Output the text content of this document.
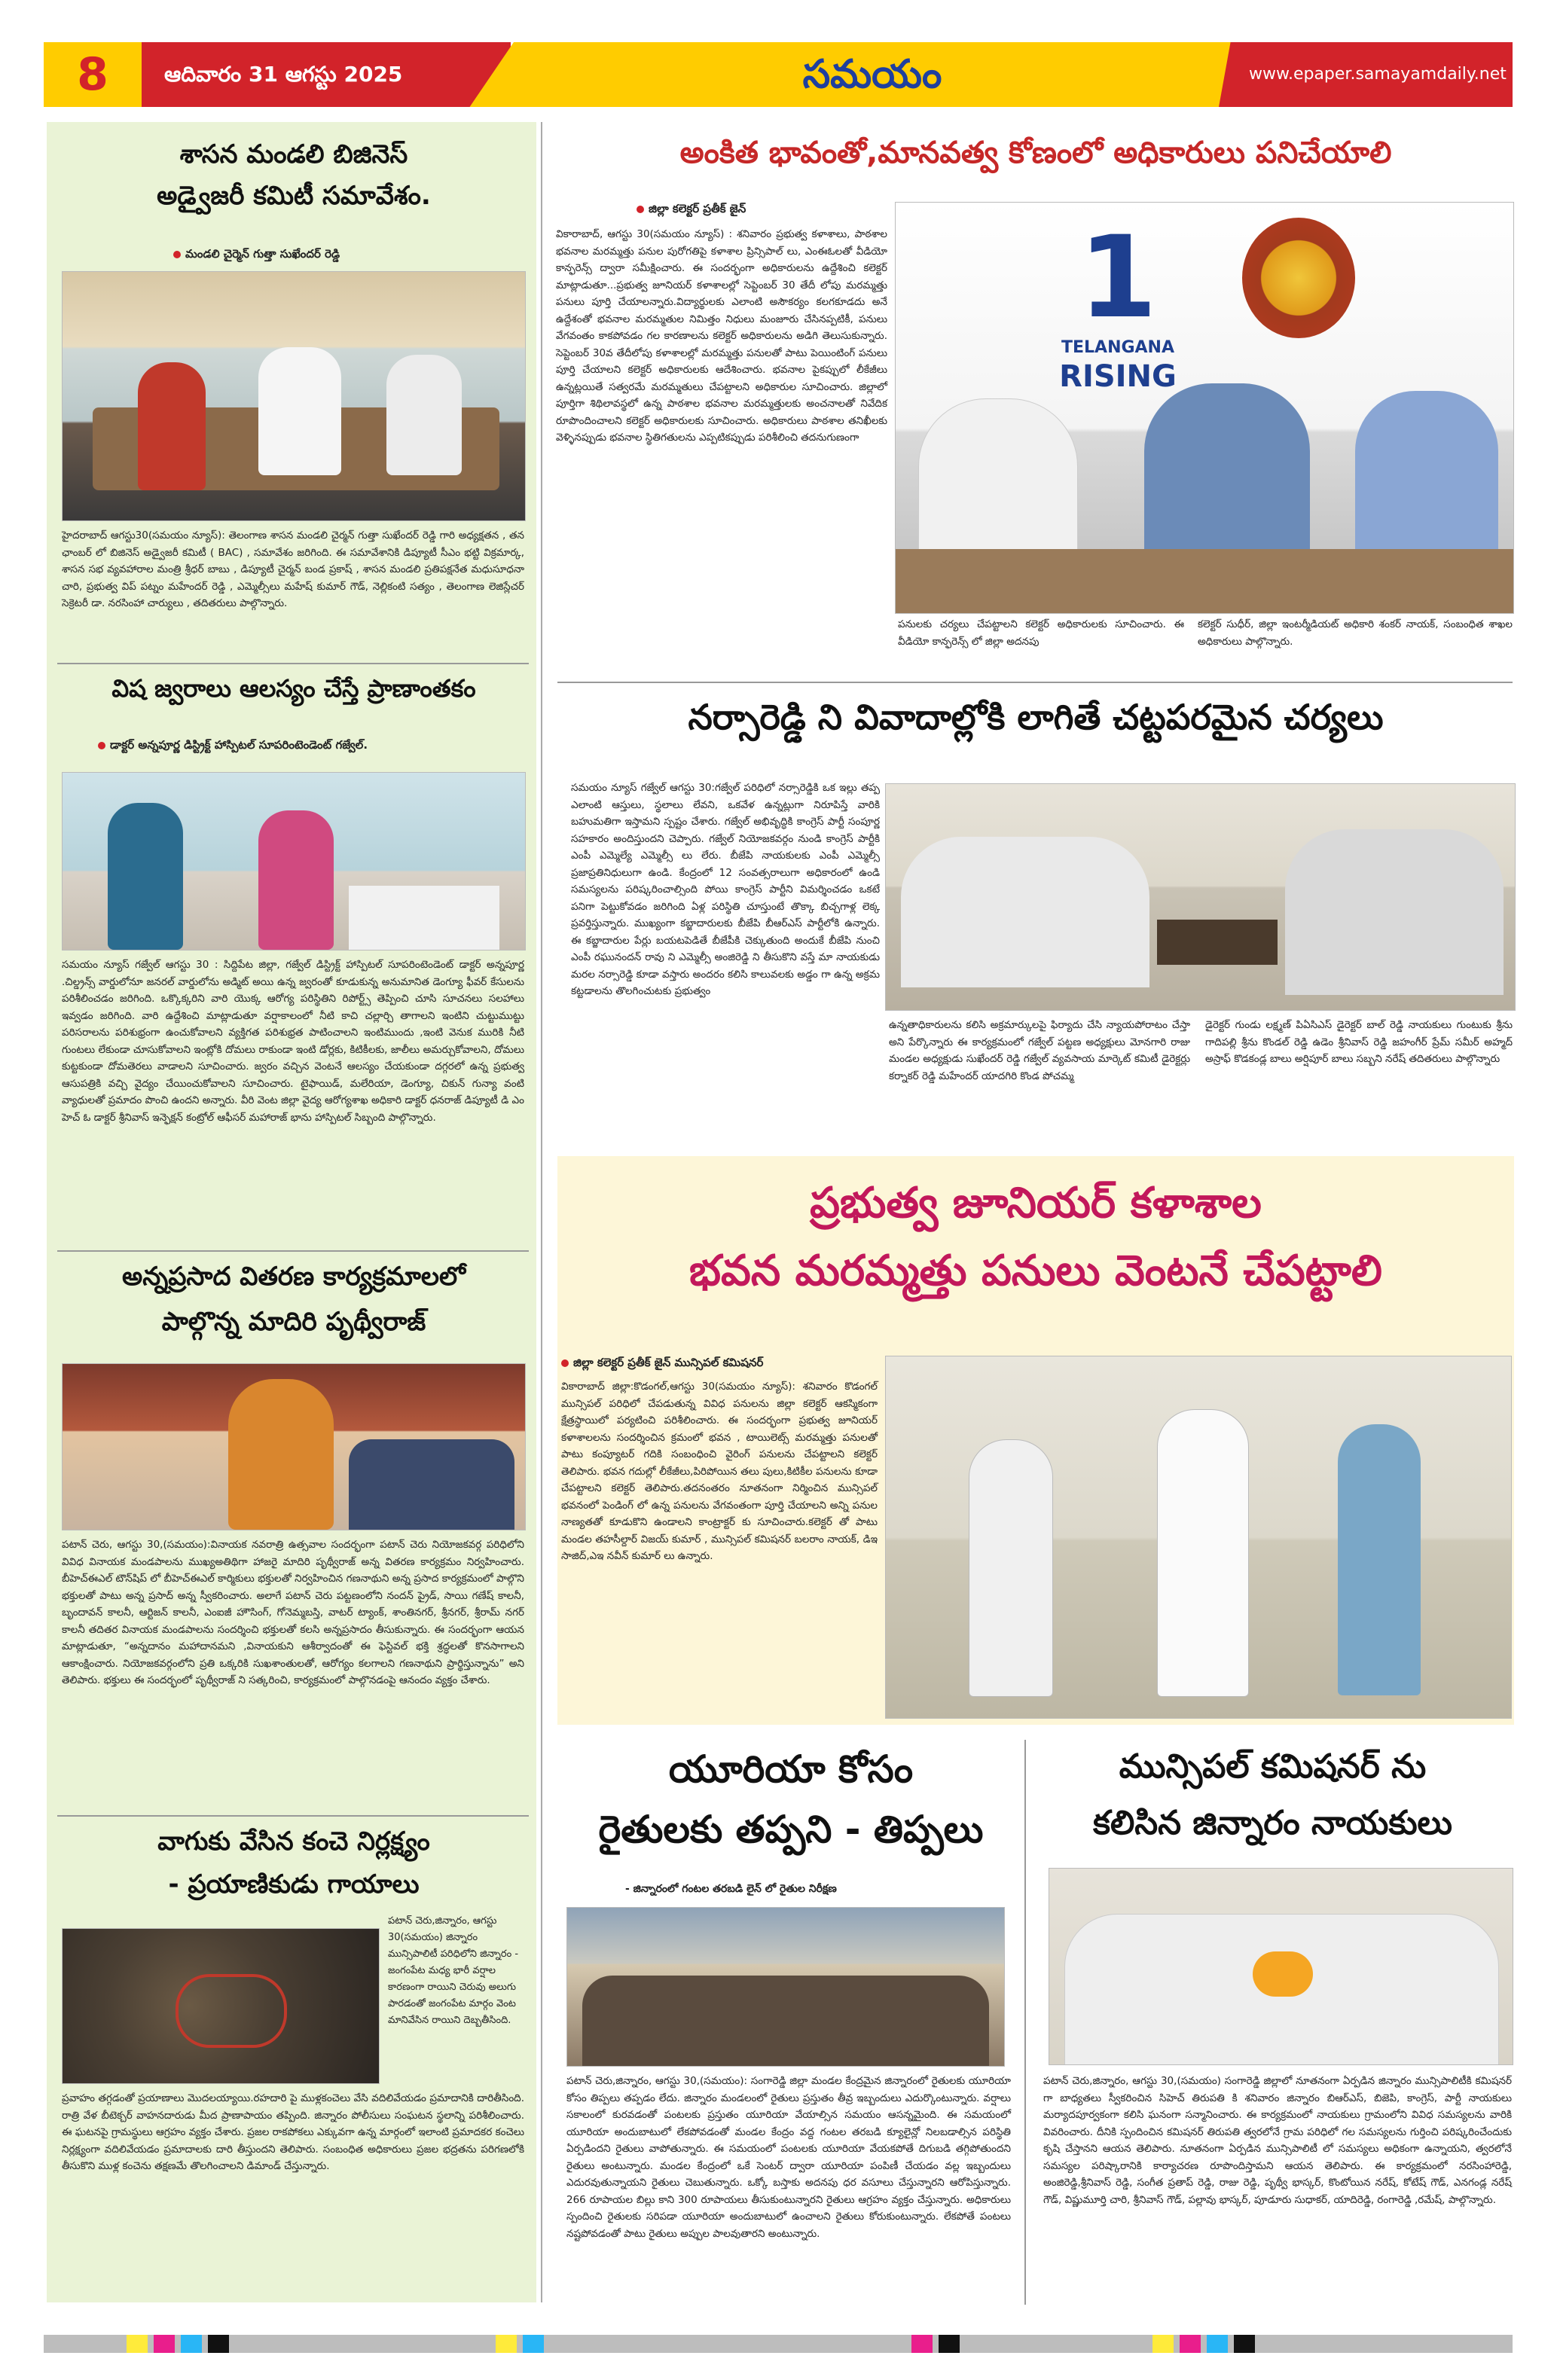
8	ఆదివారం 31 ఆగస్టు 2025	సమయం	www.epaper.samayamdaily.net
శాసన మండలి బిజినెస్
అడ్వైజరీ కమిటీ సమావేశం.
మండలి చైర్మెన్ గుత్తా సుఖేందర్ రెడ్డి
హైదరాబాద్ ఆగస్టు30(సమయం న్యూస్): తెలంగాణ శాసన మండలి చైర్మన్ గుత్తా సుఖేందర్ రెడ్డి గారి అధ్యక్షతన , తన ఛాంబర్ లో బిజినెస్ అడ్వైజరీ కమిటీ ( BAC) , సమావేశం జరిగింది. ఈ సమావేశానికి డిప్యూటీ సీఎం భట్టి విక్రమార్క, శాసన సభ వ్యవహారాల మంత్రి శ్రీధర్ బాబు , డిప్యూటీ చైర్మన్ బండ ప్రకాష్ , శాసన మండలి ప్రతిపక్షనేత మధుసూధనా చారి, ప్రభుత్వ విప్ పట్నం మహేందర్ రెడ్డి , ఎమ్మెల్సీలు మహేష్ కుమార్ గౌడ్, నెల్లికంటి సత్యం , తెలంగాణ లెజిస్లేచర్ సెక్రెటరీ డా. నరసింహా చార్యులు , తదితరులు పాల్గొన్నారు.
విష జ్వరాలు ఆలస్యం చేస్తే ప్రాణాంతకం
డాక్టర్ అన్నపూర్ణ డిస్ట్రిక్ట్ హాస్పిటల్ సూపరింటెండెంట్ గజ్వేల్.
సమయం న్యూస్ గజ్వేల్ ఆగస్టు 30 : సిద్దిపేట జిల్లా, గజ్వేల్ డిస్ట్రిక్ట్ హాస్పిటల్ సూపరింటెండెంట్ డాక్టర్ అన్నపూర్ణ .చిల్డ్రన్స్ వార్డులోనూ జనరల్ వార్డులోను అడ్మిట్ అయి ఉన్న జ్వరంతో కూడుకున్న అనుమానిత డెంగ్యూ ఫీవర్ కేసులను పరిశీలించడం జరిగింది. ఒక్కొక్కరిని వారి యొక్క ఆరోగ్య పరిస్థితిని రిపోర్ట్స్ తెప్పించి చూసి సూచనలు సలహాలు ఇవ్వడం జరిగింది. వారి ఉద్దేశించి మాట్లాడుతూ వర్షాకాలంలో నీటి కాచి చల్లార్చి తాగాలని ఇంటిని చుట్టుముట్టు పరిసరాలను పరిశుభ్రంగా ఉంచుకోవాలని వ్యక్తిగత పరిశుభ్రత పాటించాలని ఇంటిముందు ,ఇంటి వెనుక మురికి నీటి గుంటలు లేకుండా చూసుకోవాలని ఇంట్లోకి దోమలు రాకుండా ఇంటి డోర్లకు, కిటికీలకు, జాలీలు అమర్చుకోవాలని, దోమలు కుట్టకుండా దోమతెరలు వాడాలని సూచించారు. జ్వరం వచ్చిన వెంటనే ఆలస్యం చేయకుండా దగ్గరలో ఉన్న ప్రభుత్వ ఆసుపత్రికి వచ్చి వైద్యం చేయించుకోవాలని సూచించారు. టైఫాయిడ్, మలేరియా, డెంగ్యూ, చికున్ గున్యా వంటి వ్యాధులతో ప్రమాదం పొంచి ఉందని అన్నారు. వీరి వెంట జిల్లా వైద్య ఆరోగ్యశాఖ అధికారి డాక్టర్ ధనరాజ్ డిప్యూటీ డి ఎం హెచ్ ఓ డాక్టర్ శ్రీనివాస్ ఇన్ఫెక్షన్ కంట్రోల్ ఆఫీసర్ మహారాజ్ భాను హాస్పిటల్ సిబ్బంది పాల్గొన్నారు.
అన్నప్రసాద వితరణ కార్యక్రమాలలో
పాల్గొన్న మాదిరి పృథ్వీరాజ్
పటాన్ చెరు, ఆగస్టు 30,(సమయం):వినాయక నవరాత్రి ఉత్సవాల సందర్భంగా పటాన్ చెరు నియోజకవర్గ పరిధిలోని వివిధ వినాయక మండపాలను ముఖ్యఅతిథిగా హాజరై మాదిరి పృథ్వీరాజ్ అన్న వితరణ కార్యక్రమం నిర్వహించారు. బీహెచ్ఈఎల్ టౌన్‌షిప్ లో బీహెచ్ఈఎల్ కార్మికులు భక్తులతో నిర్వహించిన గణనాథుని అన్న ప్రసాద కార్యక్రమంలో పాల్గొని భక్తులతో పాటు అన్న ప్రసాద్ అన్న స్వీకరించారు. అలాగే పటాన్ చెరు పట్టణంలోని నందన్ ప్రైడ్, సాయి గణేష్ కాలనీ, బృందావన్ కాలనీ, ఆర్టిజన్ కాలనీ, ఎంఐజీ హౌసింగ్, గోనెమ్మబస్తి, వాటర్ ట్యాంక్, శాంతినగర్, శ్రీనగర్, శ్రీరామ్ నగర్ కాలనీ తదితర వినాయక మండపాలను సందర్శించి భక్తులతో కలసి అన్నప్రసాదం తీసుకున్నారు. ఈ సందర్భంగా ఆయన మాట్లాడుతూ, “అన్నదానం మహాదానమని ,వినాయకుని ఆశీర్వాదంతో ఈ ఫెస్టివల్ భక్తి శ్రద్ధలతో కొనసాగాలని ఆకాంక్షించారు. నియోజకవర్గంలోని ప్రతి ఒక్కరికి సుఖశాంతులతో, ఆరోగ్యం కలగాలని గణనాథుని ప్రార్థిస్తున్నాను” అని తెలిపారు. భక్తులు ఈ సందర్భంలో పృథ్వీరాజ్ ని సత్కరించి, కార్యక్రమంలో పాల్గొనడంపై ఆనందం వ్యక్తం చేశారు.
వాగుకు వేసిన కంచె నిర్లక్ష్యం
- ప్రయాణికుడు గాయాలు
పటాన్ చెరు,జిన్నారం, ఆగస్టు 30(సమయం) జిన్నారం మున్సిపాలిటీ పరిధిలోని జిన్నారం - జంగంపేట మధ్య భారీ వర్షాల కారణంగా రాయిని చెరువు అలుగు పారడంతో జంగంపేట మార్గం వెంట మానివేసిన రాయిని దెబ్బతీసింది.
ప్రవాహం తగ్గడంతో ప్రయాణాలు మొదలయ్యాయి.రహదారి పై ముళ్లకంచెలు వేసి వదిలివేయడం ప్రమాదానికి దారితీసింది. రాత్రి వేళ బీటెక్చర్ వాహనదారుడు మీద ప్రాణాపాయం తప్పింది. జిన్నారం పోలీసులు సంఘటన స్థలాన్ని పరిశీలించారు. ఈ ఘటనపై గ్రామస్థులు ఆగ్రహం వ్యక్తం చేశారు. ప్రజల రాకపోకలు ఎక్కువగా ఉన్న మార్గంలో ఇలాంటి ప్రమాదకర కంచెలు నిర్లక్ష్యంగా వదిలివేయడం ప్రమాదాలకు దారి తీస్తుందని తెలిపారు. సంబంధిత అధికారులు ప్రజల భద్రతను పరిగణలోకి తీసుకొని ముళ్ల కంచెను తక్షణమే తొలగించాలని డిమాండ్ చేస్తున్నారు.
అంకిత భావంతో,మానవత్వ కోణంలో అధికారులు పనిచేయాలి
జిల్లా కలెక్టర్ ప్రతీక్ జైన్
వికారాబాద్, ఆగస్టు 30(సమయం న్యూస్) : శనివారం ప్రభుత్వ కళాశాలు, పాఠశాల భవనాల మరమ్మత్తు పనుల పురోగతిపై కళాశాల ప్రిన్సిపాల్ లు, ఎంఈఓలతో వీడియో కాన్ఫరెన్స్ ద్వారా సమీక్షించారు. ఈ సందర్భంగా అధికారులను ఉద్దేశించి కలెక్టర్ మాట్లాడుతూ...ప్రభుత్వ జూనియర్ కళాశాలల్లో సెప్టెంబర్ 30 తేదీ లోపు మరమ్మత్తు పనులు పూర్తి చేయాలన్నారు.విద్యార్థులకు ఎలాంటి అసౌకర్యం కలగకూడదు అనే ఉద్దేశంతో భవనాల మరమ్మతుల నిమిత్తం నిధులు మంజూరు చేసినప్పటికీ, పనులు వేగవంతం కాకపోవడం గల కారణాలను కలెక్టర్ అధికారులను అడిగి తెలుసుకున్నారు. సెప్టెంబర్ 30వ తేదీలోపు కళాశాలల్లో మరమ్మత్తు పనులతో పాటు పెయింటింగ్ పనులు పూర్తి చేయాలని కలెక్టర్ అధికారులకు ఆదేశించారు. భవనాల పైకప్పులో లీకేజీలు ఉన్నట్లయితే సత్వరమే మరమ్మతులు చేపట్టాలని అధికారుల సూచించారు. జిల్లాలో పూర్తిగా శిథిలావస్థలో ఉన్న పాఠశాల భవనాల మరమ్మత్తులకు అంచనాలతో నివేదిక రూపొందించాలని కలెక్టర్ అధికారులకు సూచించారు. అధికారులు పాఠశాల తనిఖీలకు వెళ్ళినప్పుడు భవనాల స్థితిగతులను ఎప్పటికప్పుడు పరిశీలించి తదనుగుణంగా
1
TELANGANA
RISING
పనులకు చర్యలు చేపట్టాలని కలెక్టర్ అధికారులకు సూచించారు. ఈ వీడియో కాన్ఫరెన్స్ లో జిల్లా అదనపు
కలెక్టర్ సుధీర్, జిల్లా ఇంటర్మీడియట్ అధికారి శంకర్ నాయక్, సంబంధిత శాఖల అధికారులు పాల్గొన్నారు.
నర్సారెడ్డి ని వివాదాల్లోకి లాగితే చట్టపరమైన చర్యలు
సమయం న్యూస్ గజ్వేల్ ఆగస్టు 30:గజ్వేల్ పరిధిలో నర్సారెడ్డికి ఒక ఇల్లు తప్ప ఎలాంటి ఆస్తులు, స్థలాలు లేవని, ఒకవేళ ఉన్నట్లుగా నిరూపిస్తే వారికి బహుమతిగా ఇస్తామని స్పష్టం చేశారు. గజ్వేల్ అభివృద్ధికి కాంగ్రెస్ పార్టీ సంపూర్ణ సహకారం అందిస్తుందని చెప్పారు. గజ్వేల్ నియోజకవర్గం నుండి కాంగ్రెస్ పార్టీకి ఎంపీ ఎమ్మెల్యే ఎమ్మెల్సీ లు లేరు. బీజేపి నాయకులకు ఎంపీ ఎమ్మెల్సీ ప్రజాప్రతినిధులుగా ఉండి. కేంద్రంలో 12 సంవత్సరాలుగా అధికారంలో ఉండి సమస్యలను పరిష్కరించాల్సింది పోయి కాంగ్రెస్ పార్టీని విమర్శించడం ఒకటే పనిగా పెట్టుకోవడం జరిగింది ఏళ్ల పరిస్థితి చూస్తుంటే తొక్కా బిచ్చగాళ్ల లెక్క ప్రవర్తిస్తున్నారు. ముఖ్యంగా కబ్జాదారులకు బీజేపి బీఆర్ఎస్ పార్టీలోకి ఉన్నారు. ఈ కబ్జాదారుల పేర్లు బయటపెడితే బీజేపీకి చెక్కుతుంది అందుకే బీజేపి నుంచి ఎంపీ రఘునందన్ రావు ని ఎమ్మెల్సీ అంజిరెడ్డి ని తీసుకొని వస్తే మా నాయకుడు మరల నర్సారెడ్డి కూడా వస్తారు అందరం కలిసి కాలువలకు అడ్డం గా ఉన్న అక్రమ కట్టడాలను తొలగించుటకు ప్రభుత్వం
ఉన్నతాధికారులను కలిసి అక్రమార్కులపై ఫిర్యాదు చేసి న్యాయపోరాటం చేస్తా అని పేర్కొన్నారు ఈ కార్యక్రమంలో గజ్వేల్ పట్టణ అధ్యక్షులు మోనగారి రాజు మండల అధ్యక్షుడు సుఖేందర్ రెడ్డి గజ్వేల్ వ్యవసాయ మార్కెట్ కమిటీ డైరెక్టర్లు కర్నాకర్ రెడ్డి మహేందర్ యాదగిరి కొండ పోచమ్మ
డైరెక్టర్ గుండు లక్ష్మణ్ పిఏసిఎస్ డైరెక్టర్ బాల్ రెడ్డి నాయకులు గుంటుకు శ్రీను గాదిపల్లి శ్రీను కొండల్ రెడ్డి ఉడెం శ్రీనివాస్ రెడ్డి జహంగీర్ ప్రేమ్ సమీర్ అహ్మద్ అస్రాఫ్ కొడకండ్ల బాలు అర్షిపూర్ బాలు సబ్బని నరేష్ తదితరులు పాల్గొన్నారు
ప్రభుత్వ జూనియర్ కళాశాల
భవన మరమ్మత్తు పనులు వెంటనే చేపట్టాలి
జిల్లా కలెక్టర్ ప్రతీక్ జైన్ మున్సిపల్ కమిషనర్
వికారాబాద్ జిల్లా:కొడంగల్,ఆగస్టు 30(సమయం న్యూస్): శనివారం కొడంగల్ మున్సిపల్ పరిధిలో చేపడుతున్న వివిధ పనులను జిల్లా కలెక్టర్ ఆకస్మికంగా క్షేత్రస్థాయిలో పర్యటించి పరిశీలించారు. ఈ సందర్భంగా ప్రభుత్వ జూనియర్ కళాశాలలను సందర్శించిన క్రమంలో భవన , టాయిలెట్స్ మరమ్మత్తు పనులతో పాటు కంప్యూటర్ గదికి సంబంధించి వైరింగ్ పనులను చేపట్టాలని కలెక్టర్ తెలిపారు. భవన గదుల్లో లీకేజీలు,పిరిపోయిన తలు పులు,కిటికీల పనులను కూడా చేపట్టాలని కలెక్టర్ తెలిపారు.తదనంతరం నూతనంగా నిర్మించిన మున్సిపల్ భవనంలో పెండింగ్ లో ఉన్న పనులను వేగవంతంగా పూర్తి చేయాలని అన్ని పనుల నాణ్యతతో కూడుకొని ఉండాలని కాంట్రాక్టర్ కు సూచించారు.కలెక్టర్ తో పాటు మండల తహసీల్దార్ విజయ్ కుమార్ , మున్సిపల్ కమిషనర్ బలరాం నాయక్, డిఇ సాజిద్,ఎఇ నవీన్ కుమార్ లు ఉన్నారు.
యూరియా కోసం
రైతులకు తప్పని - తిప్పలు
- జిన్నారంలో గంటల తరబడి లైన్ లో రైతుల నిరీక్షణ
పటాన్ చెరు,జిన్నారం, ఆగస్టు 30,(సమయం): సంగారెడ్డి జిల్లా మండల కేంద్రమైన జిన్నారంలో రైతులకు యూరియా కోసం తిప్పలు తప్పడం లేదు. జిన్నారం మండలంలో రైతులు ప్రస్తుతం తీవ్ర ఇబ్బందులు ఎదుర్కొంటున్నారు. వర్షాలు సకాలంలో కురవడంతో పంటలకు ప్రస్తుతం యూరియా వేయాల్సిన సమయం ఆసన్నమైంది. ఈ సమయంలో యూరియా అందుబాటులో లేకపోవడంతో మండల కేంద్రం వద్ద గంటల తరబడి క్యూలైన్లో నిలబడాల్సిన పరిస్థితి ఏర్పడిందని రైతులు వాపోతున్నారు. ఈ సమయంలో పంటలకు యూరియా వేయకపోతే దిగుబడి తగ్గిపోతుందని రైతులు అంటున్నారు. మండల కేంద్రంలో ఒకే సెంటర్ ద్వారా యూరియా పంపిణీ చేయడం వల్ల ఇబ్బందులు ఎదురవుతున్నాయని రైతులు చెబుతున్నారు. ఒక్కో బస్తాకు అదనపు ధర వసూలు చేస్తున్నారని ఆరోపిస్తున్నారు. 266 రూపాయల బిల్లు కాని 300 రూపాయలు తీసుకుంటున్నారని రైతులు ఆగ్రహం వ్యక్తం చేస్తున్నారు. అధికారులు స్పందించి రైతులకు సరిపడా యూరియా అందుబాటులో ఉంచాలని రైతులు కోరుకుంటున్నారు. లేకపోతే పంటలు నష్టపోవడంతో పాటు రైతులు అప్పుల పాలవుతారని అంటున్నారు.
మున్సిపల్ కమిషనర్ ను
కలిసిన జిన్నారం నాయకులు
పటాన్ చెరు,జిన్నారం, ఆగస్టు 30,(సమయం) సంగారెడ్డి జిల్లాలో నూతనంగా ఏర్పడిన జిన్నారం మున్సిపాలిటీకి కమిషనర్ గా బాధ్యతలు స్వీకరించిన సిహెచ్ తిరుపతి కి శనివారం జిన్నారం బిఆర్ఎస్, బిజెపి, కాంగ్రెస్, పార్టీ నాయకులు మర్యాదపూర్వకంగా కలిసి ఘనంగా సన్మానించారు. ఈ కార్యక్రమంలో నాయకులు గ్రామంలోని వివిధ సమస్యలను వారికి వివరించారు. దీనికి స్పందించిన కమిషనర్ తిరుపతి త్వరలోనే గ్రామ పరిధిలో గల సమస్యలను గుర్తించి పరిష్కరించేందుకు కృషి చేస్తానని ఆయన తెలిపారు. నూతనంగా ఏర్పడిన మున్సిపాలిటీ లో సమస్యలు అధికంగా ఉన్నాయని, త్వరలోనే సమస్యల పరిష్కారానికి కార్యాచరణ రూపొందిస్తామని ఆయన తెలిపారు. ఈ కార్యక్రమంలో నరసింహారెడ్డి, అంజిరెడ్డి,శ్రీనివాస్ రెడ్డి, సంగీత ప్రతాప్ రెడ్డి, రాజు రెడ్డి, పృథ్వీ భాస్కర్, కొంటోయిన నరేష్, కోటేష్ గౌడ్, ఎనగండ్ల నరేష్ గౌడ్, విష్ణుమూర్తి చారి, శ్రీనివాస్ గౌడ్, పల్లావు భాస్కర్, పూడూరు సుధాకర్, యాదిరెడ్డి, రంగారెడ్డి ,రమేష్, పాల్గొన్నారు.
